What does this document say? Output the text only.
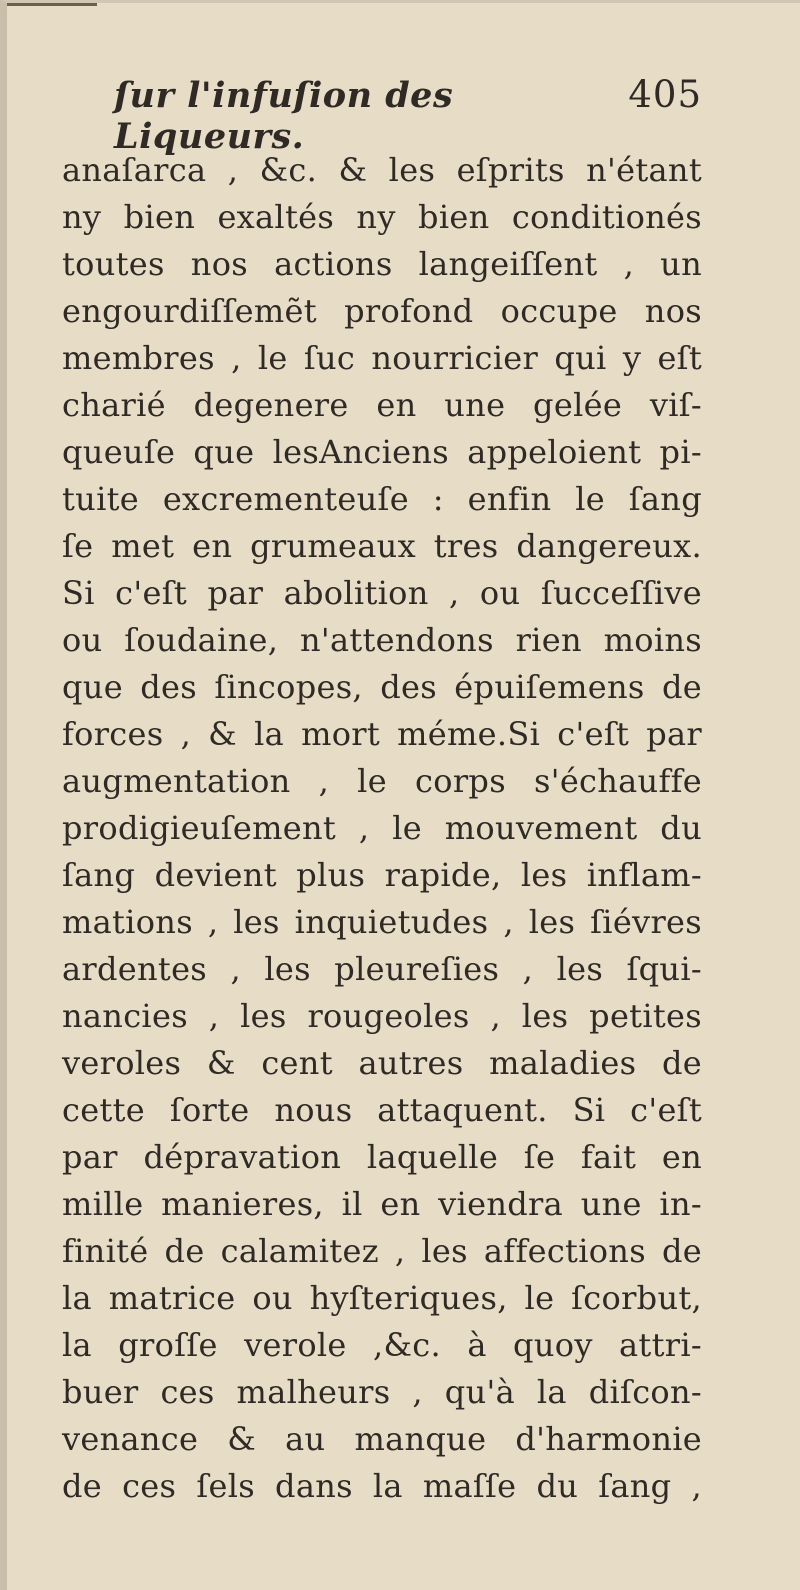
ſur l'infuſion des Liqueurs.
405
anaſarca , &c. & les eſprits n'étant
ny bien exaltés ny bien conditionés
toutes nos actions langeiſſent , un
engourdiſſemẽt profond occupe nos
membres , le ſuc nourricier qui y eſt
charié degenere en une gelée viſ-
queuſe que lesAnciens appeloient pi-
tuite excrementeuſe : enfin le ſang
ſe met en grumeaux tres dangereux.
Si c'eſt par abolition , ou ſucceſſive
ou ſoudaine, n'attendons rien moins
que des ſincopes, des épuiſemens de
forces , & la mort méme.Si c'eſt par
augmentation , le corps s'échauffe
prodigieuſement , le mouvement du
ſang devient plus rapide, les inflam-
mations , les inquietudes , les ſiévres
ardentes , les pleureſies , les ſqui-
nancies , les rougeoles , les petites
veroles & cent autres maladies de
cette ſorte nous attaquent. Si c'eſt
par dépravation laquelle ſe fait en
mille manieres, il en viendra une in-
finité de calamitez , les affections de
la matrice ou hyſteriques, le ſcorbut,
la groſſe verole ,&c. à quoy attri-
buer ces malheurs , qu'à la diſcon-
venance & au manque d'harmonie
de ces ſels dans la maſſe du ſang ,
